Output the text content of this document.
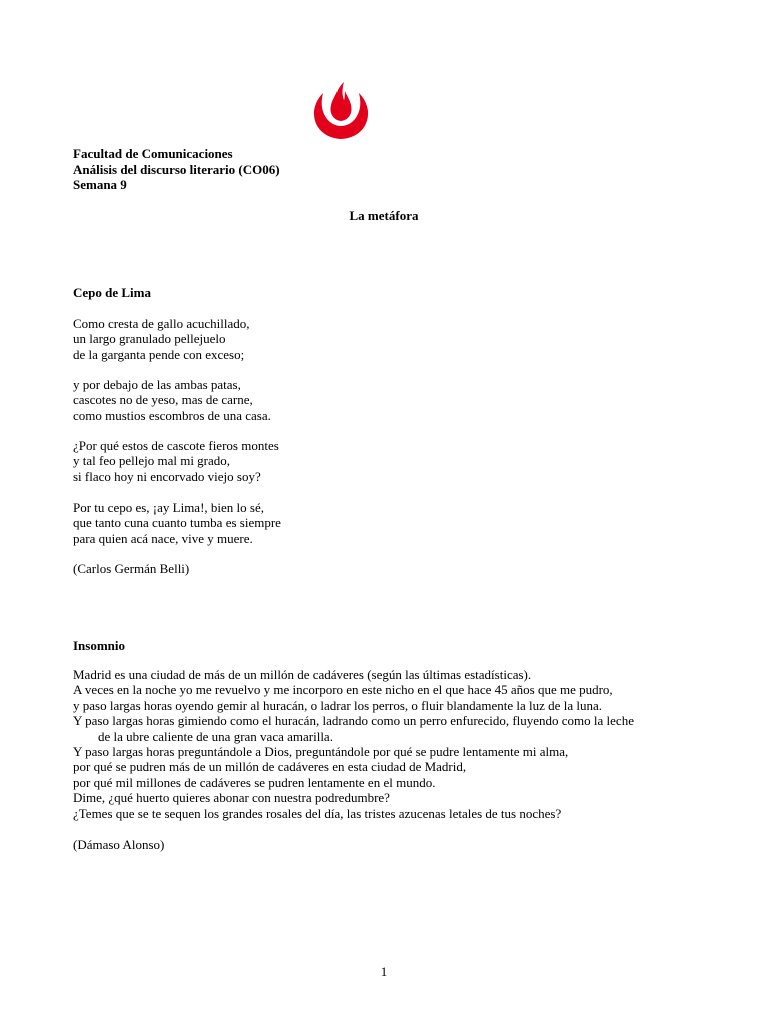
Facultad de Comunicaciones
Análisis del discurso literario (CO06)
Semana 9
La metáfora
Cepo de Lima
Como cresta de gallo acuchillado,
un largo granulado pellejuelo
de la garganta pende con exceso;
y por debajo de las ambas patas,
cascotes no de yeso, mas de carne,
como mustios escombros de una casa.
¿Por qué estos de cascote fieros montes
y tal feo pellejo mal mi grado,
si flaco hoy ni encorvado viejo soy?
Por tu cepo es, ¡ay Lima!, bien lo sé,
que tanto cuna cuanto tumba es siempre
para quien acá nace, vive y muere.
(Carlos Germán Belli)
Insomnio
Madrid es una ciudad de más de un millón de cadáveres (según las últimas estadísticas).
A veces en la noche yo me revuelvo y me incorporo en este nicho en el que hace 45 años que me pudro,
y paso largas horas oyendo gemir al huracán, o ladrar los perros, o fluir blandamente la luz de la luna.
Y paso largas horas gimiendo como el huracán, ladrando como un perro enfurecido, fluyendo como la leche
de la ubre caliente de una gran vaca amarilla.
Y paso largas horas preguntándole a Dios, preguntándole por qué se pudre lentamente mi alma,
por qué se pudren más de un millón de cadáveres en esta ciudad de Madrid,
por qué mil millones de cadáveres se pudren lentamente en el mundo.
Dime, ¿qué huerto quieres abonar con nuestra podredumbre?
¿Temes que se te sequen los grandes rosales del día, las tristes azucenas letales de tus noches?
(Dámaso Alonso)
1
